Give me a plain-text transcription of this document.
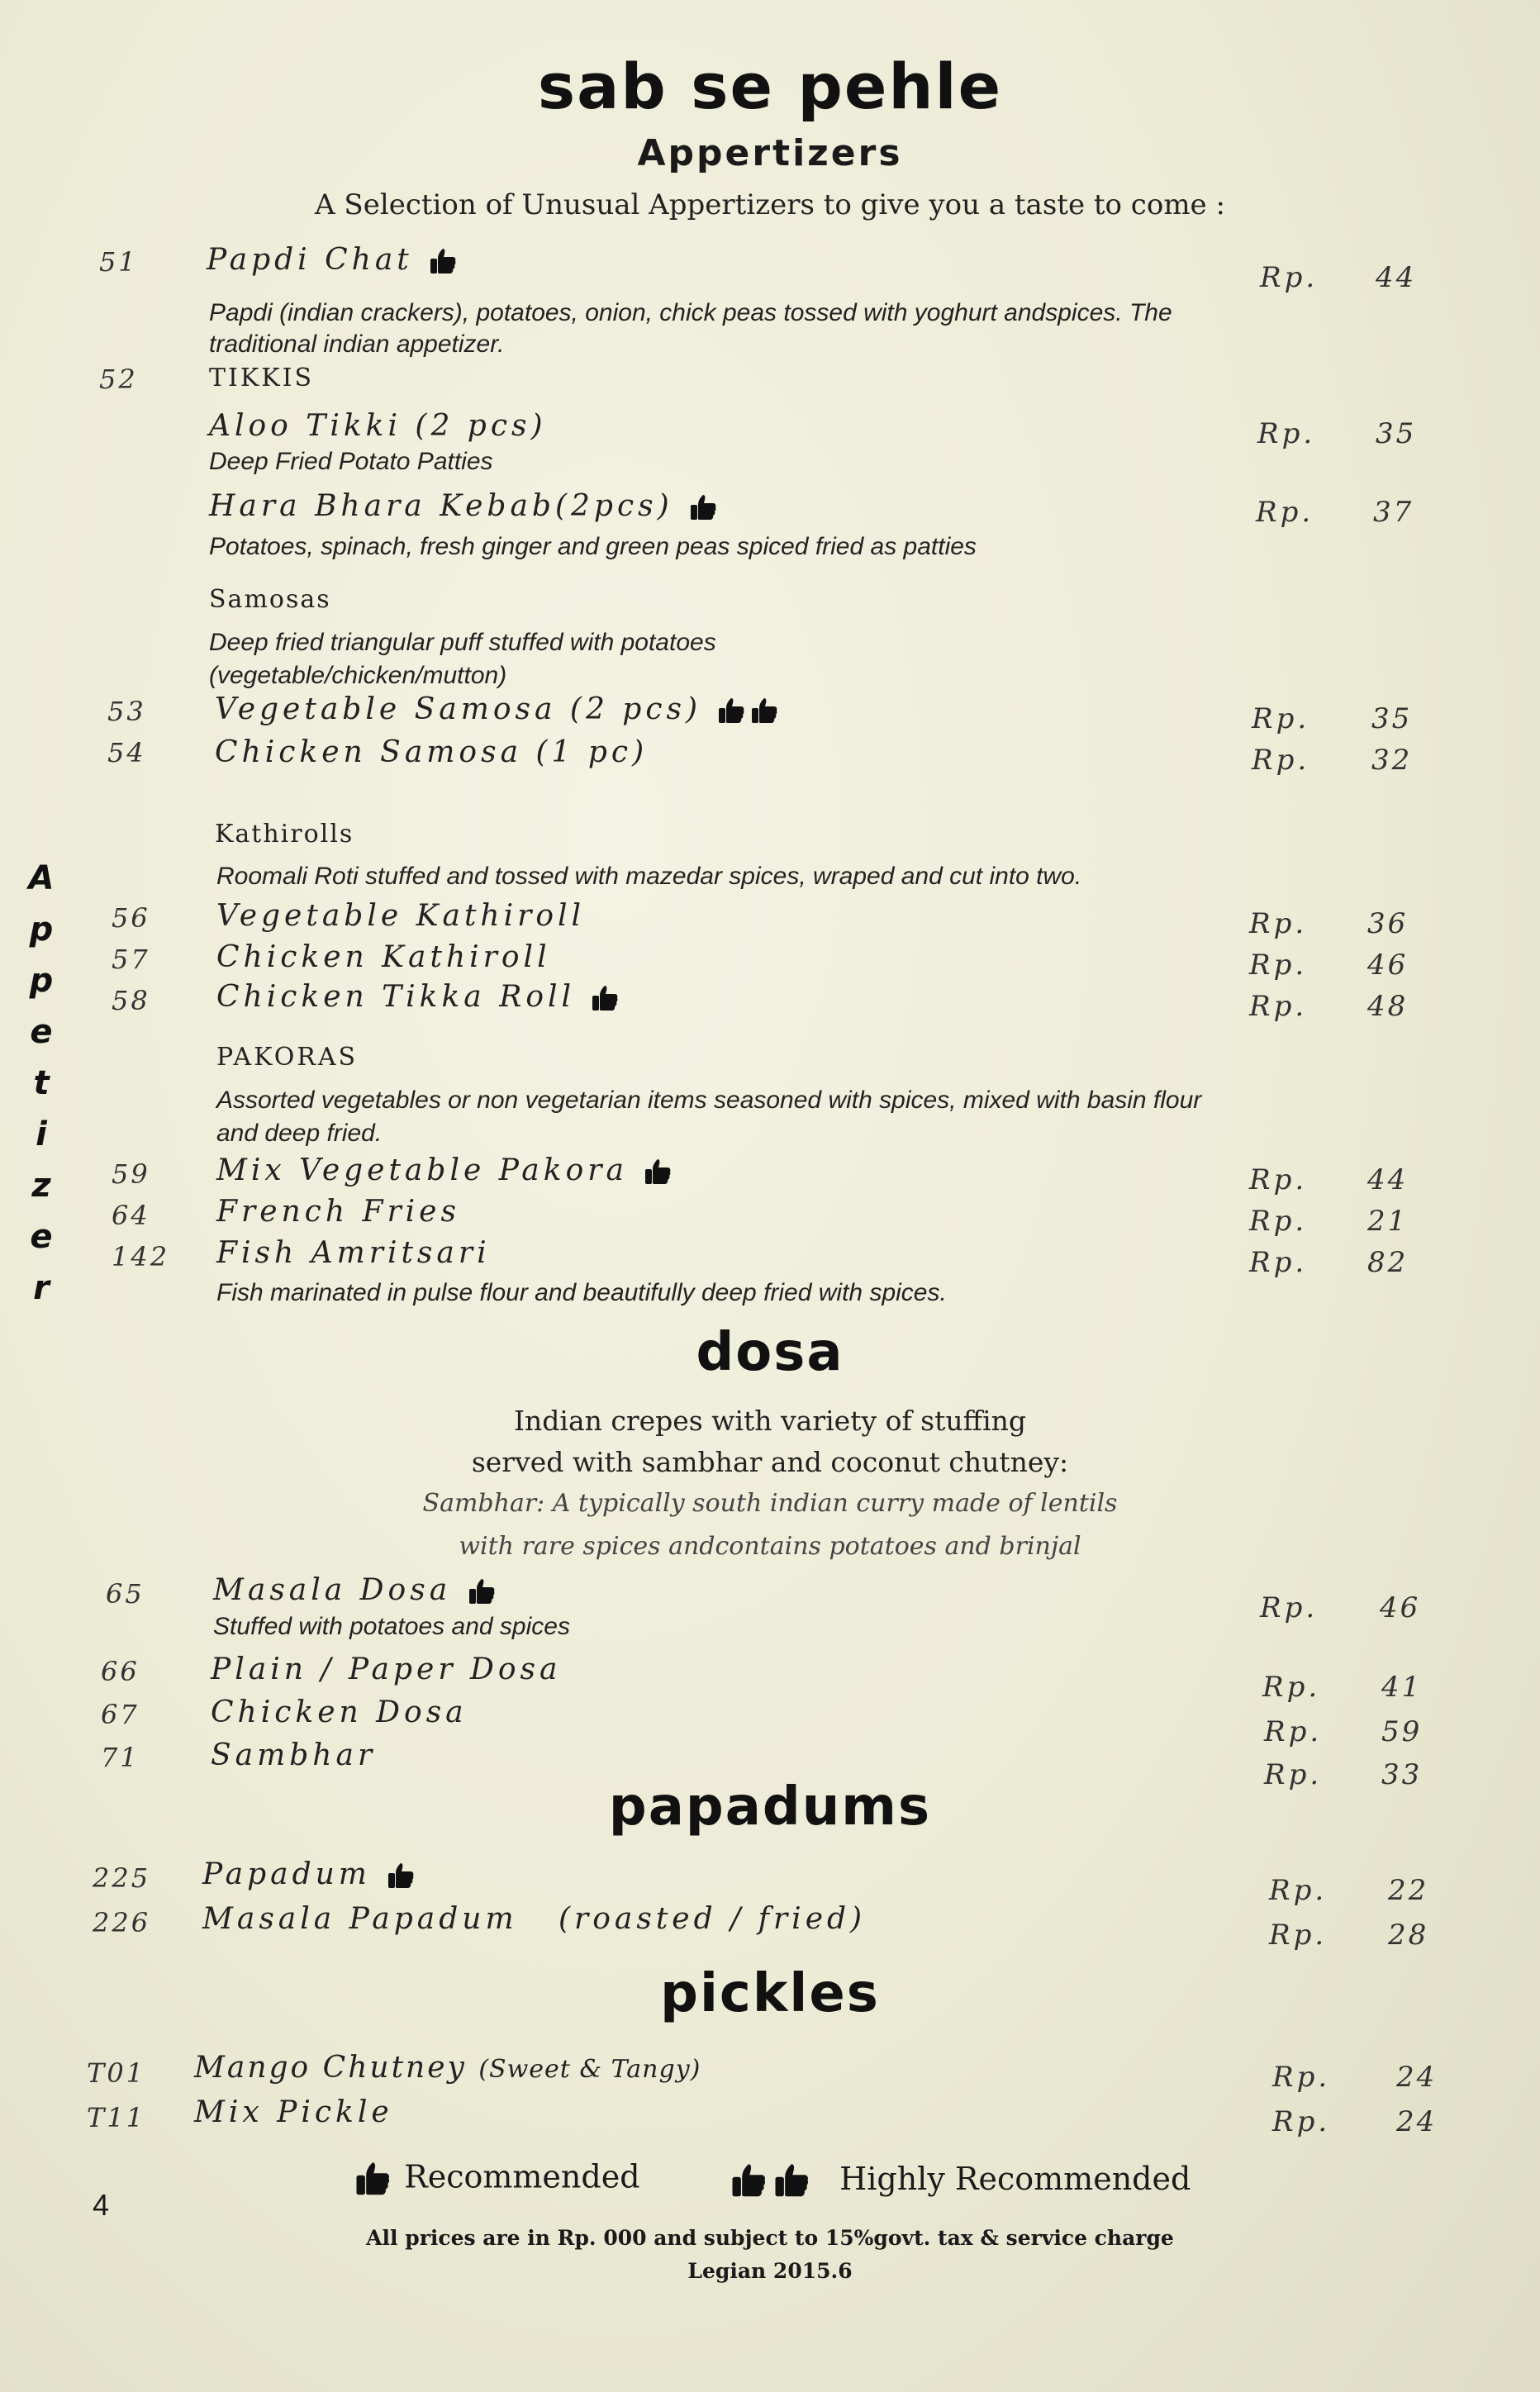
sab se pehle
Appertizers
A Selection of Unusual Appertizers to give you a taste to come :
A
p
p
e
t
i
z
e
r
51 Papdi Chat
Rp. 44
Papdi (indian crackers), potatoes, onion, chick peas tossed with yoghurt andspices. The traditional indian appetizer.
52	TIKKIS
Aloo Tikki (2 pcs)	Rp. 35
Deep Fried Potato Patties
Hara Bhara Kebab(2pcs)	Rp. 37
Potatoes, spinach, fresh ginger and green peas spiced fried as patties
Samosas
Deep fried triangular puff stuffed with potatoes (vegetable/chicken/mutton)
53 Vegetable Samosa (2 pcs)	Rp. 35
54 Chicken Samosa (1 pc)	Rp. 32
Kathirolls
Roomali Roti stuffed and tossed with mazedar spices, wraped and cut into two.
56 Vegetable Kathiroll	Rp. 36
57 Chicken Kathiroll	Rp. 46
58 Chicken Tikka Roll	Rp. 48
PAKORAS
Assorted vegetables or non vegetarian items seasoned with spices, mixed with basin flour and deep fried.
59 Mix Vegetable Pakora	Rp. 44
64 French Fries	Rp. 21
142 Fish Amritsari	Rp. 82
Fish marinated in pulse flour and beautifully deep fried with spices.
dosa
Indian crepes with variety of stuffing
served with sambhar and coconut chutney:
Sambhar: A typically south indian curry made of lentils
with rare spices andcontains potatoes and brinjal
65 Masala Dosa
Rp. 46
Stuffed with potatoes and spices
66 Plain / Paper Dosa
Rp. 41
67 Chicken Dosa
Rp. 59
71 Sambhar
Rp. 33
papadums
225 Papadum	Rp. 22
226 Masala Papadum   (roasted / fried)	Rp. 28
pickles
T01 Mango Chutney (Sweet & Tangy)	Rp. 24
T11 Mix Pickle	Rp. 24
4
Recommended	Highly Recommended
All prices are in Rp. 000 and subject to 15%govt. tax & service charge
Legian 2015.6
